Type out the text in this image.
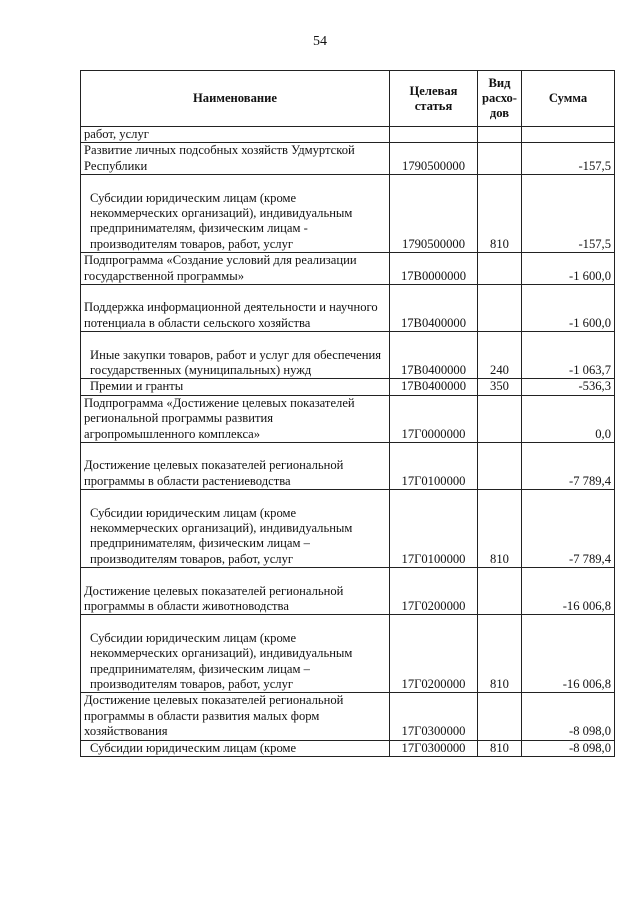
54
Наименование	Целевая статья	Вид расхо-дов	Сумма
работ, услуг			
Развитие личных подсобных хозяйств Удмуртской Республики	1790500000		-157,5
Субсидии юридическим лицам (кроме некоммерческих организаций), индивидуальным предпринимателям, физическим лицам - производителям товаров, работ, услуг	1790500000	810	-157,5
Подпрограмма «Создание условий для реализации государственной программы»	17В0000000		-1 600,0
Поддержка информационной деятельности и научного потенциала в области сельского хозяйства	17В0400000		-1 600,0
Иные закупки товаров, работ и услуг для обеспечения государственных (муниципальных) нужд	17В0400000	240	-1 063,7
Премии и гранты	17В0400000	350	-536,3
Подпрограмма «Достижение целевых показателей региональной программы развития агропромышленного комплекса»	17Г0000000		0,0
Достижение целевых показателей региональной программы в области растениеводства	17Г0100000		-7 789,4
Субсидии юридическим лицам (кроме некоммерческих организаций), индивидуальным предпринимателям, физическим лицам – производителям товаров, работ, услуг	17Г0100000	810	-7 789,4
Достижение целевых показателей региональной программы в области животноводства	17Г0200000		-16 006,8
Субсидии юридическим лицам (кроме некоммерческих организаций), индивидуальным предпринимателям, физическим лицам – производителям товаров, работ, услуг	17Г0200000	810	-16 006,8
Достижение целевых показателей региональной программы в области развития малых форм хозяйствования	17Г0300000		-8 098,0
Субсидии юридическим лицам (кроме	17Г0300000	810	-8 098,0
